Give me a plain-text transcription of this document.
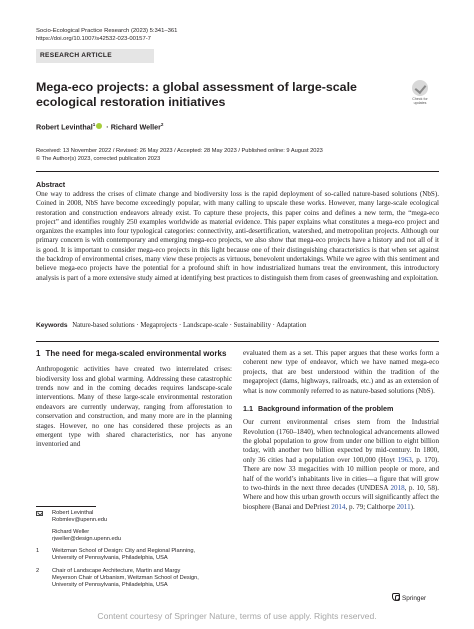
Socio-Ecological Practice Research (2023) 5:341–361
https://doi.org/10.1007/s42532-023-00157-7
RESEARCH ARTICLE
Check for updates
Mega-eco projects: a global assessment of large-scale ecological restoration initiatives
Robert Levinthal$^1$ · Richard Weller$^2$
Received: 13 November 2022 / Revised: 26 May 2023 / Accepted: 28 May 2023 / Published online: 9 August 2023
© The Author(s) 2023, corrected publication 2023
Abstract

One way to address the crises of climate change and biodiversity loss is the rapid deployment of so-called nature-based solutions (NbS). Coined in 2008, NbS have become exceedingly popular, with many calling to upscale these works. However, many large-scale ecological restoration and construction endeavors already exist. To capture these projects, this paper coins and defines a new term, the “mega-eco project” and identifies roughly 250 examples worldwide as material evidence. This paper explains what constitutes a mega-eco project and organizes the examples into four typological categories: connectivity, anti-desertification, watershed, and metropolitan projects. Although our primary concern is with contemporary and emerging mega-eco projects, we also show that mega-eco projects have a history and not all of it is good. It is important to consider mega-eco projects in this light because one of their distinguishing characteristics is that when set against the backdrop of environmental crises, many view these projects as virtuous, benevolent undertakings. While we agree with this sentiment and believe mega-eco projects have the potential for a profound shift in how industrialized humans treat the environment, this introductory analysis is part of a more extensive study aimed at identifying best practices to distinguish them from cases of greenwashing and exploitation.

Keywords Nature-based solutions · Megaprojects · Landscape-scale · Sustainability · Adaptation
1 The need for mega-scaled environmental works

Anthropogenic activities have created two interrelated crises: biodiversity loss and global warming. Addressing these catastrophic trends now and in the coming decades requires landscape-scale interventions. Many of these large-scale environmental restoration endeavors are currently underway, ranging from afforestation to conservation and construction, and many more are in the planning stages. However, no one has considered these projects as an emergent type with shared characteristics, nor has anyone inventoried and

evaluated them as a set. This paper argues that these works form a coherent new type of endeavor, which we have named mega-eco projects, that are best understood within the tradition of the megaproject (dams, highways, railroads, etc.) and as an extension of what is now commonly referred to as nature-based solutions (NbS).

1.1 Background information of the problem

Our current environmental crises stem from the Industrial Revolution (1760–1840), when technological advancements allowed the global population to grow from under one billion to eight billion today, with another two billion expected by mid-century. In 1800, only 36 cities had a population over 100,000 (Hoyt 1963, p. 170). There are now 33 megacities with 10 million people or more, and half of the world’s inhabitants live in cities—a figure that will grow to two-thirds in the next three decades (UNDESA 2018, p. 10, 58). Where and how this urban growth occurs will significantly affect the biosphere (Banai and DePriest 2014, p. 79; Calthorpe 2011).

Robert Levinthal
Robmlev@upenn.edu
Richard Weller
rjweller@design.upenn.edu
1	Weitzman School of Design: City and Regional Planning,
University of Pennsylvania, Philadelphia, USA
2	Chair of Landscape Architecture, Martin and Margy
Meyerson Chair of Urbanism, Weitzman School of Design,
University of Pennsylvania, Philadelphia, USA
Springer
Content courtesy of Springer Nature, terms of use apply. Rights reserved.
